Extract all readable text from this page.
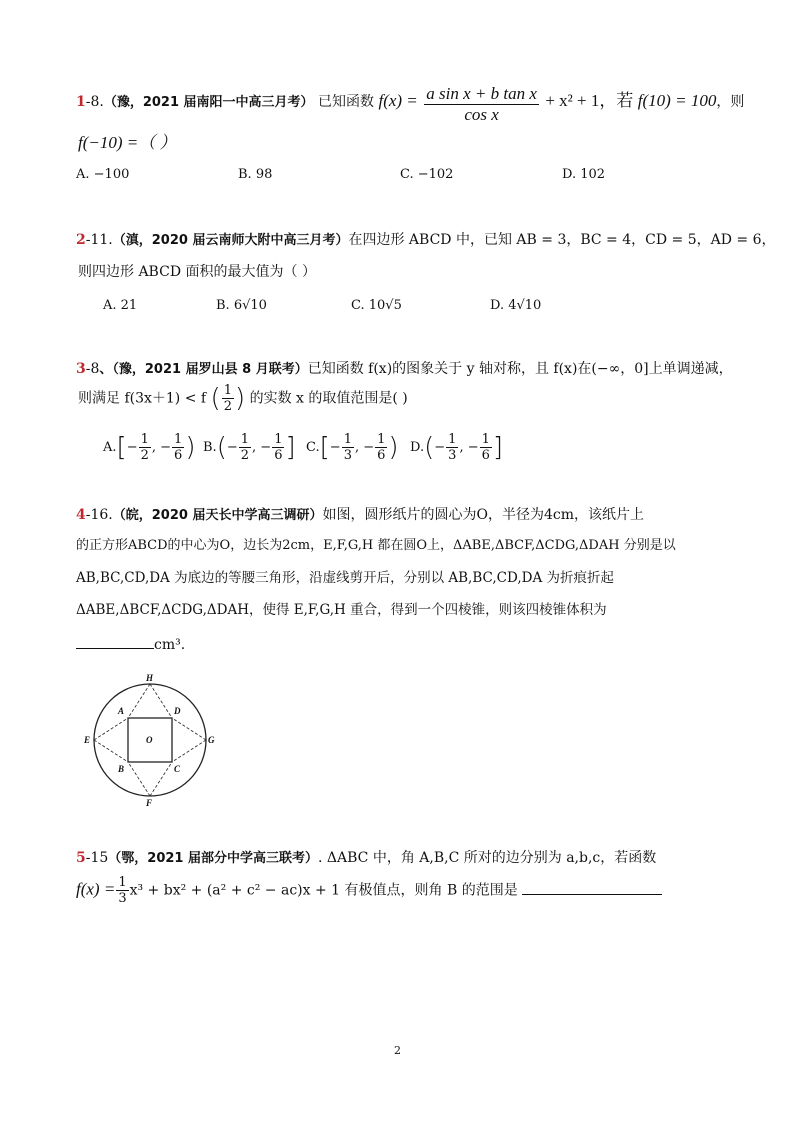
1-8.（豫，2021 届南阳一中高三月考） 已知函数 $f(x) = \frac{\text{a sin x + b tan x}}{\text{cos x}} + x^2 + 1$，若 f(10) = 100，则
f(−10) =（ ）
A. −100	B. 98	C. −102	D. 102
2-11.（滇，2020 届云南师大附中高三月考）在四边形 ABCD 中，已知 AB = 3，BC = 4，CD = 5，AD = 6，
则四边形 ABCD 面积的最大值为（ ）
A. 21	B. 6√10	C. 10√5	D. 4√10
3-8、（豫，2021 届罗山县 8 月联考）已知函数 f(x)的图象关于 y 轴对称，且 f(x)在(−∞，0]上单调递减，
则满足 f(3x＋1) < f ( $\frac{1}{2}$ ) 的实数 x 的取值范围是( )
$A.[- \frac{1}{2}$ , − $\frac{1}{6}$ ) $B.(- \frac{1}{2}$ , − $\frac{1}{6}$ ] $C.[- \frac{1}{3}$ , − $\frac{1}{6}$ ) $D.(- \frac{1}{3}$ , − $\frac{1}{6}$ ]
4-16.（皖，2020 届天长中学高三调研）如图，圆形纸片的圆心为O，半径为4cm，该纸片上
的正方形ABCD的中心为O，边长为2cm，E,F,G,H 都在圆O上，ΔABE,ΔBCF,ΔCDG,ΔDAH 分别是以
AB,BC,CD,DA 为底边的等腰三角形，沿虚线剪开后，分别以 AB,BC,CD,DA 为折痕折起
ΔABE,ΔBCF,ΔCDG,ΔDAH，使得 E,F,G,H 重合，得到一个四棱锥，则该四棱锥体积为
cm³.
H
A	D
E	O	G
B	C
F
5-15（鄂，2021 届部分中学高三联考）. ΔABC 中，角 A,B,C 所对的边分别为 a,b,c，若函数
$f(x) = \frac{1}{3} x^3 + bx^2 + (a^2 + c^2 - ac)x + 1$ 有极值点，则角 B 的范围是
2
